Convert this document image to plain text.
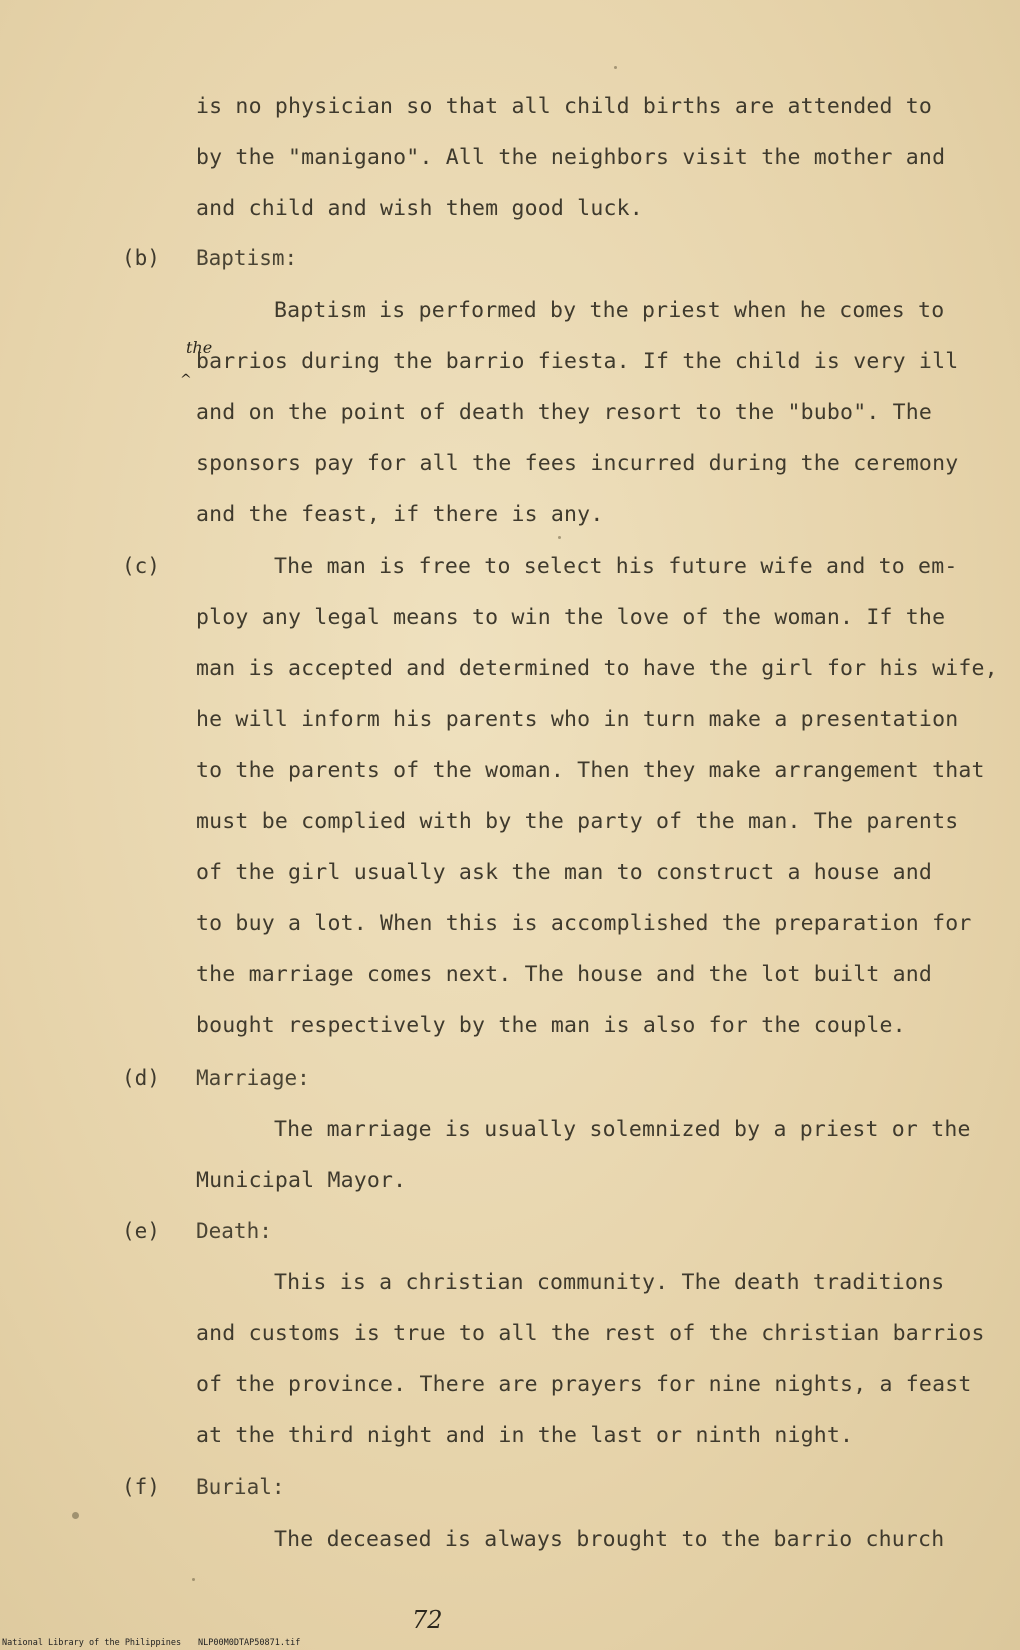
is no physician so that all child births are attended to
by the "manigano". All the neighbors visit the mother and
and child and wish them good luck.
(b) Baptism:
Baptism is performed by the priest when he comes to
the
^
barrios during the barrio fiesta. If the child is very ill
and on the point of death they resort to the "bubo". The
sponsors pay for all the fees incurred during the ceremony
and the feast, if there is any.
(c)	The man is free to select his future wife and to em-
ploy any legal means to win the love of the woman. If the
man is accepted and determined to have the girl for his wife,
he will inform his parents who in turn make a presentation
to the parents of the woman. Then they make arrangement that
must be complied with by the party of the man. The parents
of the girl usually ask the man to construct a house and
to buy a lot. When this is accomplished the preparation for
the marriage comes next. The house and the lot built and
bought respectively by the man is also for the couple.
(d) Marriage:
The marriage is usually solemnized by a priest or the
Municipal Mayor.
(e) Death:
This is a christian community. The death traditions
and customs is true to all the rest of the christian barrios
of the province. There are prayers for nine nights, a feast
at the third night and in the last or ninth night.
(f) Burial:
The deceased is always brought to the barrio church
72
National Library of the Philippines NLP00M0DTAP50871.tif
